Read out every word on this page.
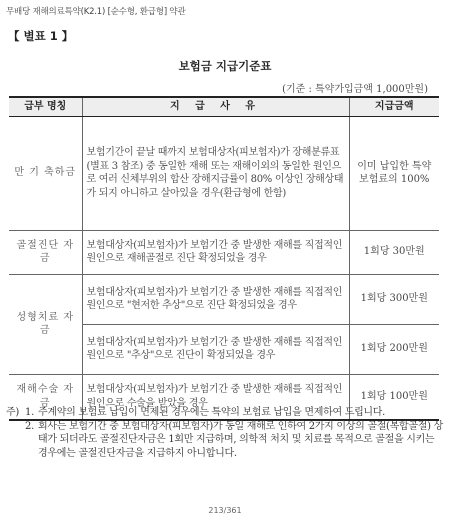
무배당 재해의료특약(K2.1) [순수형, 환급형] 약관
【 별표 1 】
보험금 지급기준표
(기준 : 특약가입금액 1,000만원)
급부 명칭	지 급 사 유	지급금액
만 기 축하금	보험기간이 끝날 때까지 보험대상자(피보험자)가 장해분류표(별표 3 참조) 중 동일한 재해 또는 재해이외의 동일한 원인으로 여러 신체부위의 합산 장해지급률이 80% 이상인 장해상태가 되지 아니하고 살아있을 경우(환급형에 한함)	이미 납입한 특약 보험료의 100%
골절진단 자 금	보험대상자(피보험자)가 보험기간 중 발생한 재해를 직접적인 원인으로 재해골절로 진단 확정되었을 경우	1회당 30만원
성형치료 자 금	보험대상자(피보험자)가 보험기간 중 발생한 재해를 직접적인 원인으로 "현저한 추상"으로 진단 확정되었을 경우	1회당 300만원
	보험대상자(피보험자)가 보험기간 중 발생한 재해를 직접적인 원인으로 "추상"으로 진단이 확정되었을 경우	1회당 200만원
재해수술 자 금	보험대상자(피보험자)가 보험기간 중 발생한 재해를 직접적인 원인으로 수술을 받았을 경우	1회당 100만원
주) 1. 주계약의 보험료 납입이 면제된 경우에는 특약의 보험료 납입을 면제하여 드립니다.
2. 회사는 보험기간 중 보험대상자(피보험자)가 동일 재해로 인하여 2가지 이상의 골절(복합골절) 상태가 되더라도 골절진단자금은 1회만 지급하며, 의학적 처치 및 치료를 목적으로 골절을 시키는 경우에는 골절진단자금을 지급하지 아니합니다.
213/361
